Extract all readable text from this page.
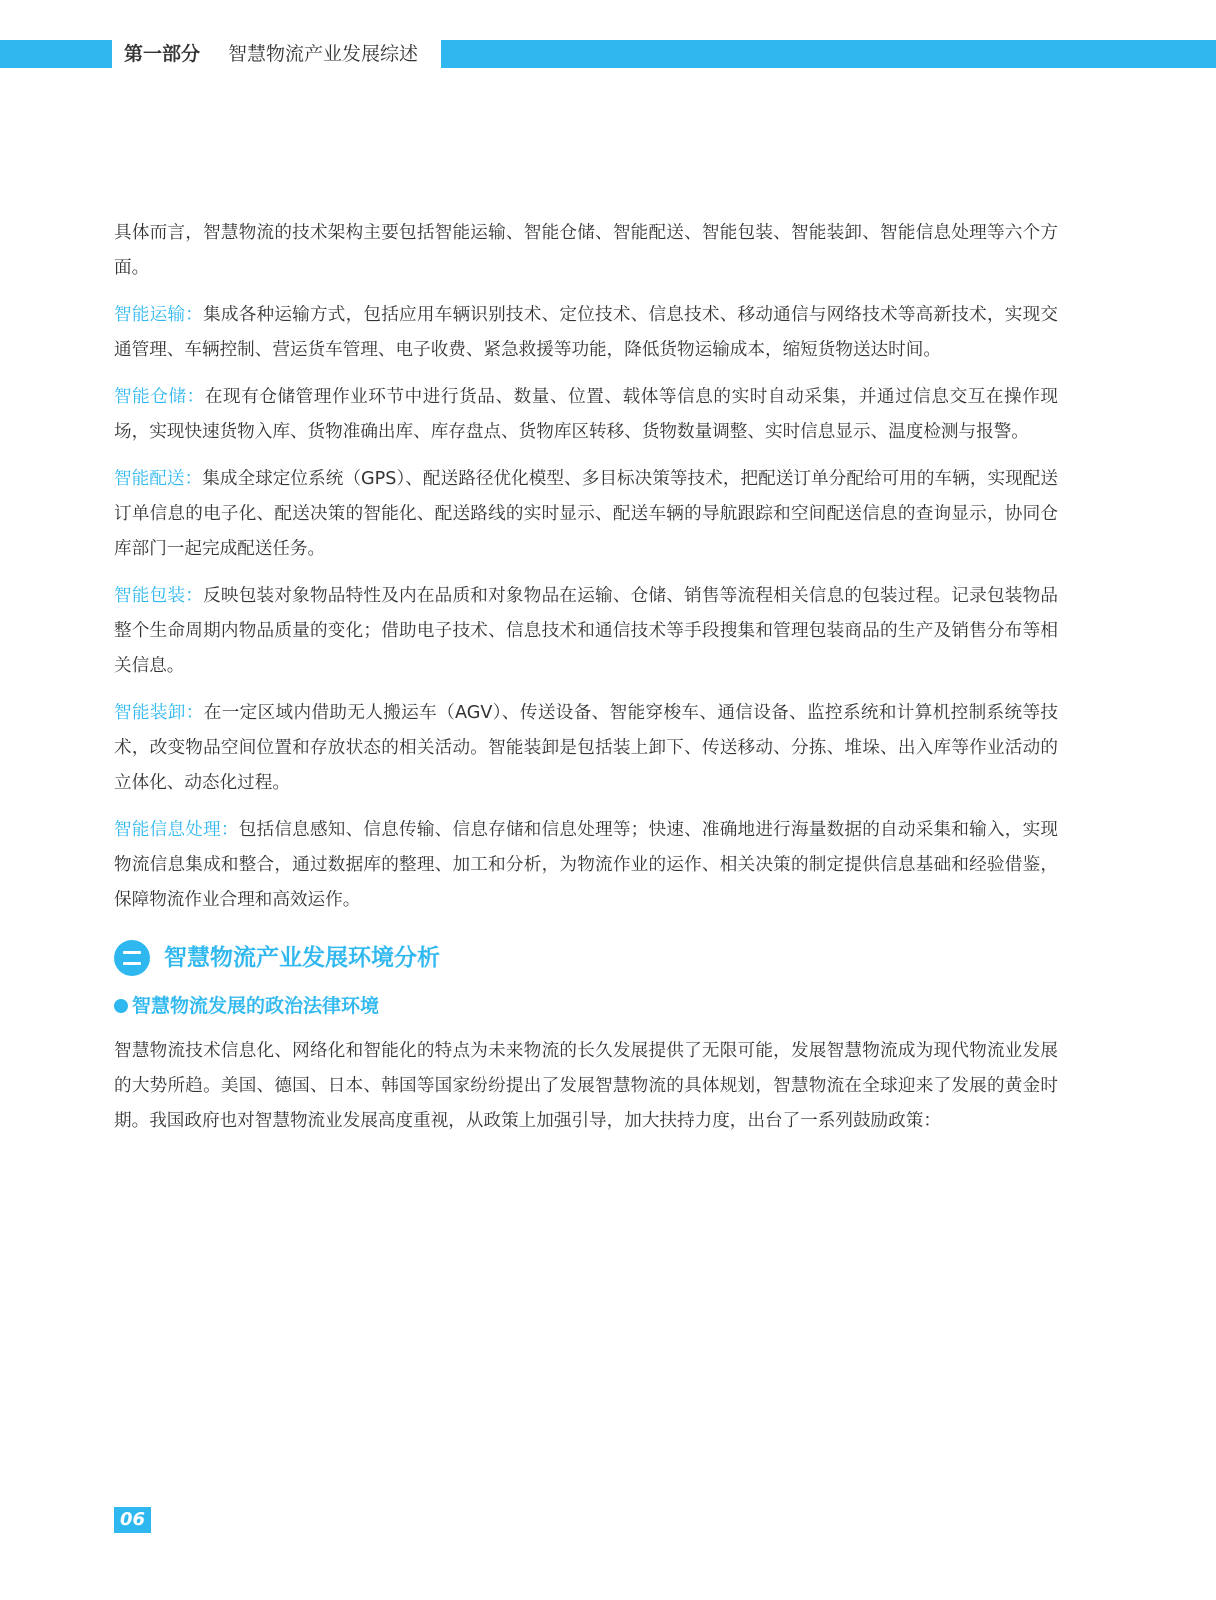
第一部分 智慧物流产业发展综述

具体而言，智慧物流的技术架构主要包括智能运输、智能仓储、智能配送、智能包装、智能装卸、智能信息处理等六个方面。

智能运输：集成各种运输方式，包括应用车辆识别技术、定位技术、信息技术、移动通信与网络技术等高新技术，实现交通管理、车辆控制、营运货车管理、电子收费、紧急救援等功能，降低货物运输成本，缩短货物送达时间。

智能仓储：在现有仓储管理作业环节中进行货品、数量、位置、载体等信息的实时自动采集，并通过信息交互在操作现场，实现快速货物入库、货物准确出库、库存盘点、货物库区转移、货物数量调整、实时信息显示、温度检测与报警。

智能配送：集成全球定位系统（GPS）、配送路径优化模型、多目标决策等技术，把配送订单分配给可用的车辆，实现配送订单信息的电子化、配送决策的智能化、配送路线的实时显示、配送车辆的导航跟踪和空间配送信息的查询显示，协同仓库部门一起完成配送任务。

智能包装：反映包装对象物品特性及内在品质和对象物品在运输、仓储、销售等流程相关信息的包装过程。记录包装物品整个生命周期内物品质量的变化；借助电子技术、信息技术和通信技术等手段搜集和管理包装商品的生产及销售分布等相关信息。

智能装卸：在一定区域内借助无人搬运车（AGV）、传送设备、智能穿梭车、通信设备、监控系统和计算机控制系统等技术，改变物品空间位置和存放状态的相关活动。智能装卸是包括装上卸下、传送移动、分拣、堆垛、出入库等作业活动的立体化、动态化过程。

智能信息处理：包括信息感知、信息传输、信息存储和信息处理等；快速、准确地进行海量数据的自动采集和输入，实现物流信息集成和整合，通过数据库的整理、加工和分析，为物流作业的运作、相关决策的制定提供信息基础和经验借鉴，保障物流作业合理和高效运作。

智慧物流产业发展环境分析
智慧物流发展的政治法律环境

智慧物流技术信息化、网络化和智能化的特点为未来物流的长久发展提供了无限可能，发展智慧物流成为现代物流业发展的大势所趋。美国、德国、日本、韩国等国家纷纷提出了发展智慧物流的具体规划，智慧物流在全球迎来了发展的黄金时期。我国政府也对智慧物流业发展高度重视，从政策上加强引导，加大扶持力度，出台了一系列鼓励政策：

06
